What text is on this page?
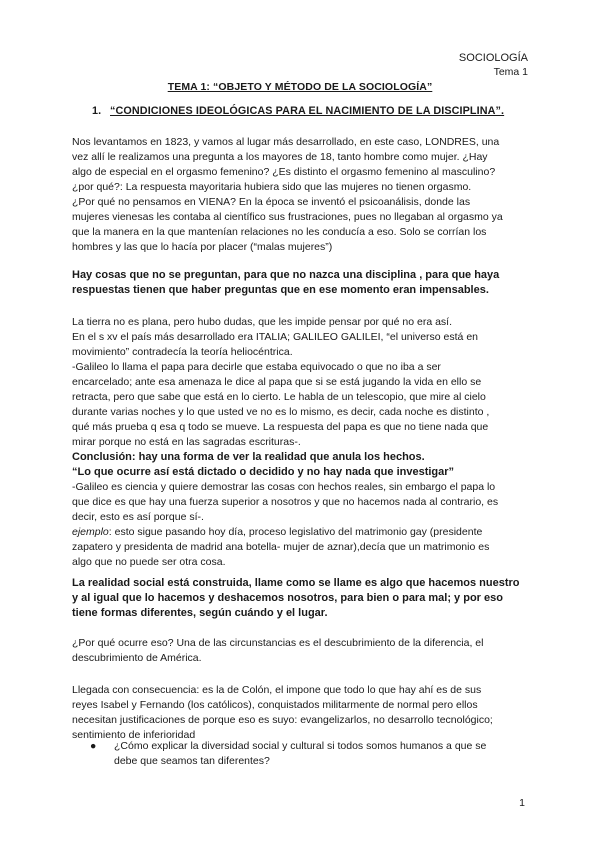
SOCIOLOGÍA
Tema 1
TEMA 1: “OBJETO Y MÉTODO DE LA SOCIOLOGÍA”
1. “CONDICIONES IDEOLÓGICAS PARA EL NACIMIENTO DE LA DISCIPLINA”.
Nos levantamos en 1823, y vamos al lugar más desarrollado, en este caso, LONDRES, una
vez allí le realizamos una pregunta a los mayores de 18, tanto hombre como mujer. ¿Hay
algo de especial en el orgasmo femenino? ¿Es distinto el orgasmo femenino al masculino?
¿por qué?: La respuesta mayoritaria hubiera sido que las mujeres no tienen orgasmo.
¿Por qué no pensamos en VIENA? En la época se inventó el psicoanálisis, donde las
mujeres vienesas les contaba al científico sus frustraciones, pues no llegaban al orgasmo ya
que la manera en la que mantenían relaciones no les conducía a eso. Solo se corrían los
hombres y las que lo hacía por placer (“malas mujeres”)
Hay cosas que no se preguntan, para que no nazca una disciplina , para que haya
respuestas tienen que haber preguntas que en ese momento eran impensables.
La tierra no es plana, pero hubo dudas, que les impide pensar por qué no era así.
En el s xv el país más desarrollado era ITALIA; GALILEO GALILEI, “el universo está en
movimiento” contradecía la teoría heliocéntrica.
-Galileo lo llama el papa para decirle que estaba equivocado o que no iba a ser
encarcelado; ante esa amenaza le dice al papa que si se está jugando la vida en ello se
retracta, pero que sabe que está en lo cierto. Le habla de un telescopio, que mire al cielo
durante varias noches y lo que usted ve no es lo mismo, es decir, cada noche es distinto ,
qué más prueba q esa q todo se mueve. La respuesta del papa es que no tiene nada que
mirar porque no está en las sagradas escrituras-.
Conclusión: hay una forma de ver la realidad que anula los hechos.
“Lo que ocurre así está dictado o decidido y no hay nada que investigar”
-Galileo es ciencia y quiere demostrar las cosas con hechos reales, sin embargo el papa lo
que dice es que hay una fuerza superior a nosotros y que no hacemos nada al contrario, es
decir, esto es así porque sí-.
ejemplo: esto sigue pasando hoy día, proceso legislativo del matrimonio gay (presidente
zapatero y presidenta de madrid ana botella- mujer de aznar),decía que un matrimonio es
algo que no puede ser otra cosa.
La realidad social está construida, llame como se llame es algo que hacemos nuestro
y al igual que lo hacemos y deshacemos nosotros, para bien o para mal; y por eso
tiene formas diferentes, según cuándo y el lugar.
¿Por qué ocurre eso? Una de las circunstancias es el descubrimiento de la diferencia, el
descubrimiento de América.
Llegada con consecuencia: es la de Colón, el impone que todo lo que hay ahí es de sus
reyes Isabel y Fernando (los católicos), conquistados militarmente de normal pero ellos
necesitan justificaciones de porque eso es suyo: evangelizarlos, no desarrollo tecnológico;
sentimiento de inferioridad
● ¿Cómo explicar la diversidad social y cultural si todos somos humanos a que se
debe que seamos tan diferentes?
1
